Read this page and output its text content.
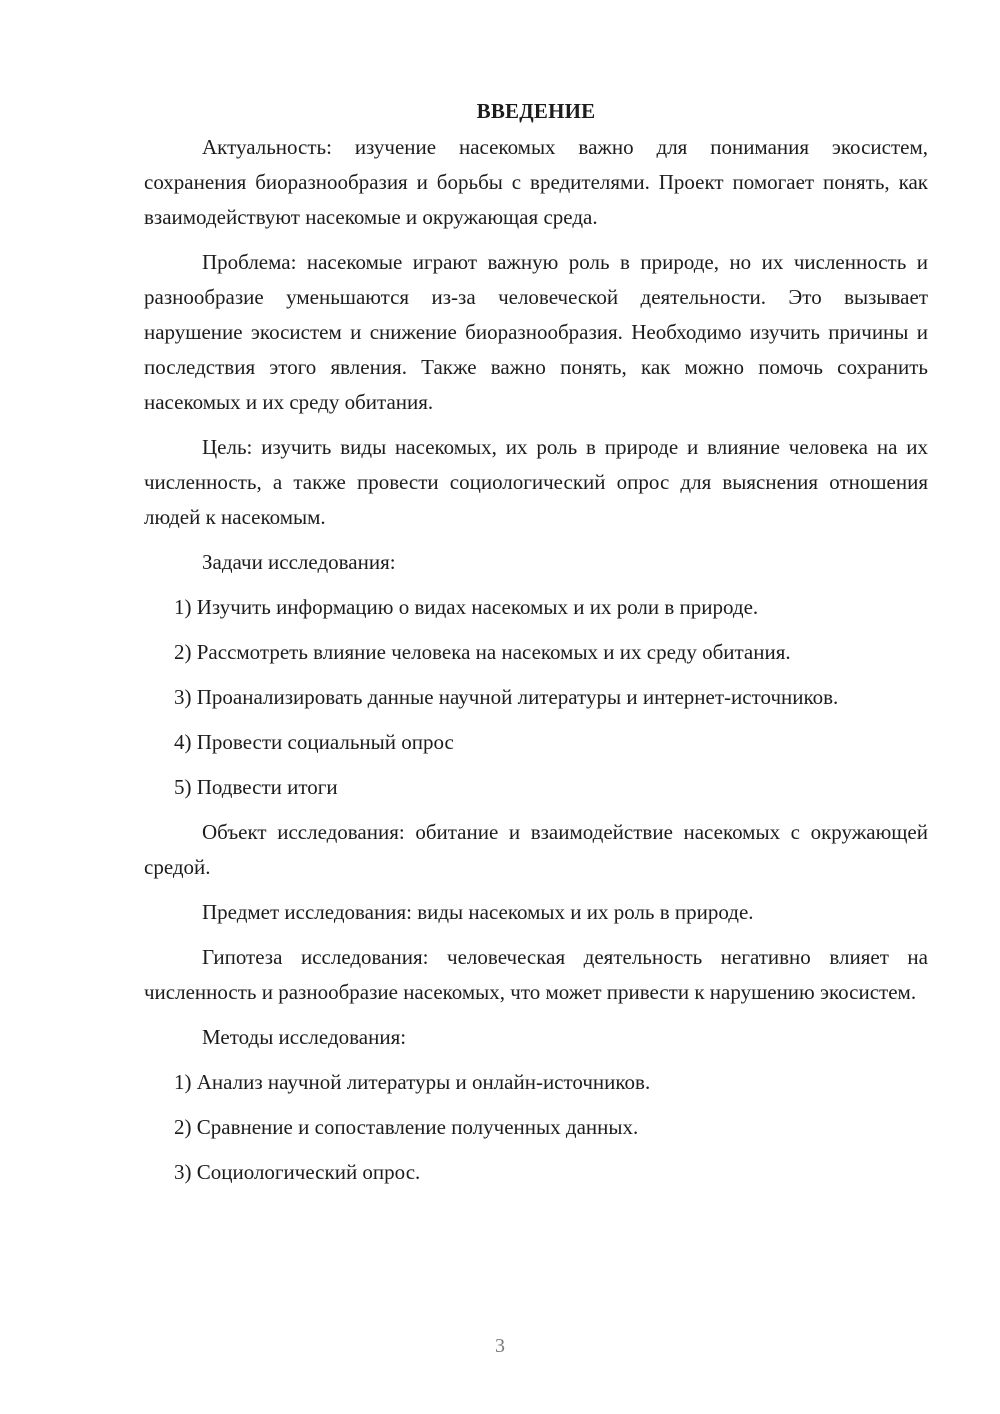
ВВЕДЕНИЕ

Актуальность: изучение насекомых важно для понимания экосистем, сохранения биоразнообразия и борьбы с вредителями. Проект помогает понять, как взаимодействуют насекомые и окружающая среда.

Проблема: насекомые играют важную роль в природе, но их численность и разнообразие уменьшаются из-за человеческой деятельности. Это вызывает нарушение экосистем и снижение биоразнообразия. Необходимо изучить причины и последствия этого явления. Также важно понять, как можно помочь сохранить насекомых и их среду обитания.

Цель: изучить виды насекомых, их роль в природе и влияние человека на их численность, а также провести социологический опрос для выяснения отношения людей к насекомым.

Задачи исследования:

1) Изучить информацию о видах насекомых и их роли в природе.

2) Рассмотреть влияние человека на насекомых и их среду обитания.

3) Проанализировать данные научной литературы и интернет-источников.

4) Провести социальный опрос

5) Подвести итоги

Объект исследования: обитание и взаимодействие насекомых с окружающей средой.

Предмет исследования: виды насекомых и их роль в природе.

Гипотеза исследования: человеческая деятельность негативно влияет на численность и разнообразие насекомых, что может привести к нарушению экосистем.

Методы исследования:

1) Анализ научной литературы и онлайн-источников.

2) Сравнение и сопоставление полученных данных.

3) Социологический опрос.

3
